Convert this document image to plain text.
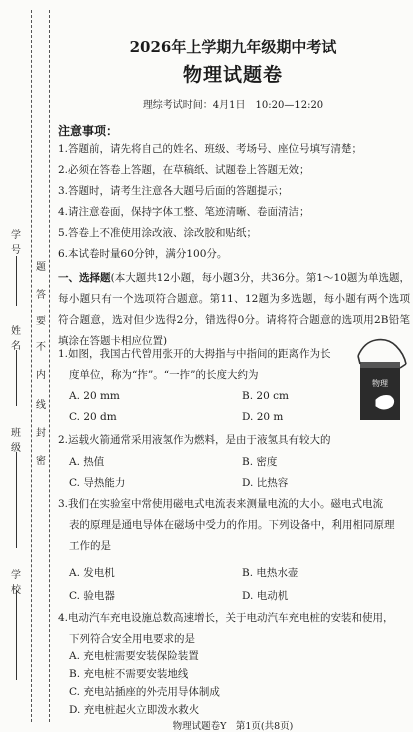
学校
班级
姓名
学号
题
答
要
不
内
线
封
密
2026年上学期九年级期中考试
物理试题卷
理综考试时间：4月1日　10:20—12:20
注意事项：
1.答题前，请先将自己的姓名、班级、考场号、座位号填写清楚；
2.必须在答卷上答题，在草稿纸、试题卷上答题无效；
3.答题时，请考生注意各大题号后面的答题提示；
4.请注意卷面，保持字体工整、笔迹清晰、卷面清洁；
5.答卷上不准使用涂改液、涂改胶和贴纸；
6.本试卷时量60分钟，满分100分。
一、选择题(本大题共12小题，每小题3分，共36分。第1～10题为单选题，每小题只有一个选项符合题意。第11、12题为多选题，每小题有两个选项符合题意，选对但少选得2分，错选得0分。请将符合题意的选项用2B铅笔填涂在答题卡相应位置)
物理
1.如图，我国古代曾用张开的大拇指与中指间的距离作为长
度单位，称为“拃”。“一拃”的长度大约为
A. 20 mm	B. 20 cm
C. 20 dm	D. 20 m
2.运载火箭通常采用液氢作为燃料，是由于液氢具有较大的
A. 热值	B. 密度
C. 导热能力	D. 比热容
3.我们在实验室中常使用磁电式电流表来测量电流的大小。磁电式电流
表的原理是通电导体在磁场中受力的作用。下列设备中，利用相同原理
工作的是
A. 发电机	B. 电热水壶
C. 验电器	D. 电动机
4.电动汽车充电设施总数高速增长，关于电动汽车充电桩的安装和使用，
下列符合安全用电要求的是
A. 充电桩需要安装保险装置
B. 充电桩不需要安装地线
C. 充电站插座的外壳用导体制成
物理试题卷Y　第1页(共8页)
D. 充电桩起火立即泼水救火
